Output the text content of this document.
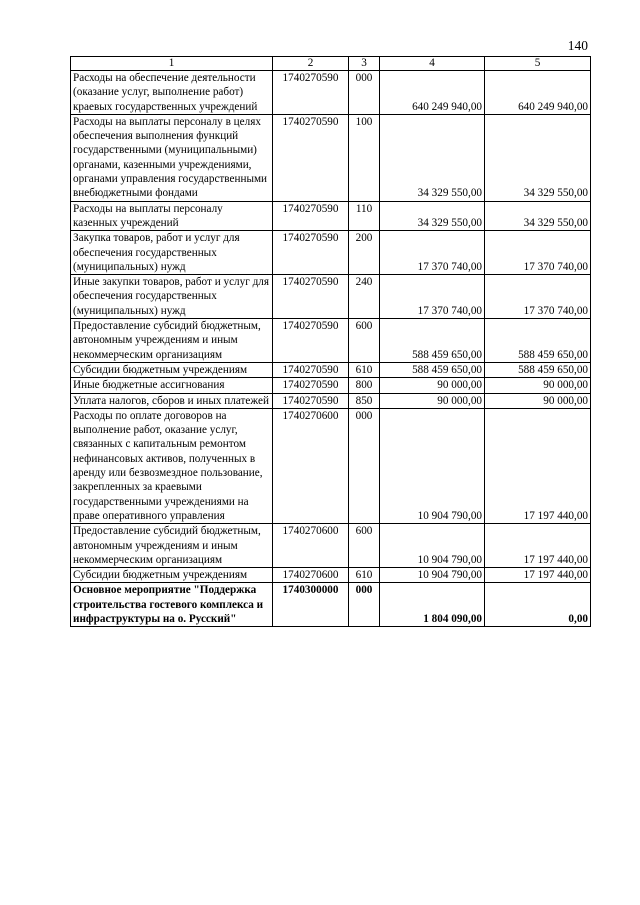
140
1	2	3	4	5
Расходы на обеспечение деятельности (оказание услуг, выполнение работ) краевых государственных учреждений	1740270590	000	640 249 940,00	640 249 940,00
Расходы на выплаты персоналу в целях обеспечения выполнения функций государственными (муниципальными) органами, казенными учреждениями, органами управления государственными внебюджетными фондами	1740270590	100	34 329 550,00	34 329 550,00
Расходы на выплаты персоналу казенных учреждений	1740270590	110	34 329 550,00	34 329 550,00
Закупка товаров, работ и услуг для обеспечения государственных (муниципальных) нужд	1740270590	200	17 370 740,00	17 370 740,00
Иные закупки товаров, работ и услуг для обеспечения государственных (муниципальных) нужд	1740270590	240	17 370 740,00	17 370 740,00
Предоставление субсидий бюджетным, автономным учреждениям и иным некоммерческим организациям	1740270590	600	588 459 650,00	588 459 650,00
Субсидии бюджетным учреждениям	1740270590	610	588 459 650,00	588 459 650,00
Иные бюджетные ассигнования	1740270590	800	90 000,00	90 000,00
Уплата налогов, сборов и иных платежей	1740270590	850	90 000,00	90 000,00
Расходы по оплате договоров на выполнение работ, оказание услуг, связанных с капитальным ремонтом нефинансовых активов, полученных в аренду или безвозмездное пользование, закрепленных за краевыми государственными учреждениями на праве оперативного управления	1740270600	000	10 904 790,00	17 197 440,00
Предоставление субсидий бюджетным, автономным учреждениям и иным некоммерческим организациям	1740270600	600	10 904 790,00	17 197 440,00
Субсидии бюджетным учреждениям	1740270600	610	10 904 790,00	17 197 440,00
Основное мероприятие "Поддержка строительства гостевого комплекса и инфраструктуры на о. Русский"	1740300000	000	1 804 090,00	0,00
